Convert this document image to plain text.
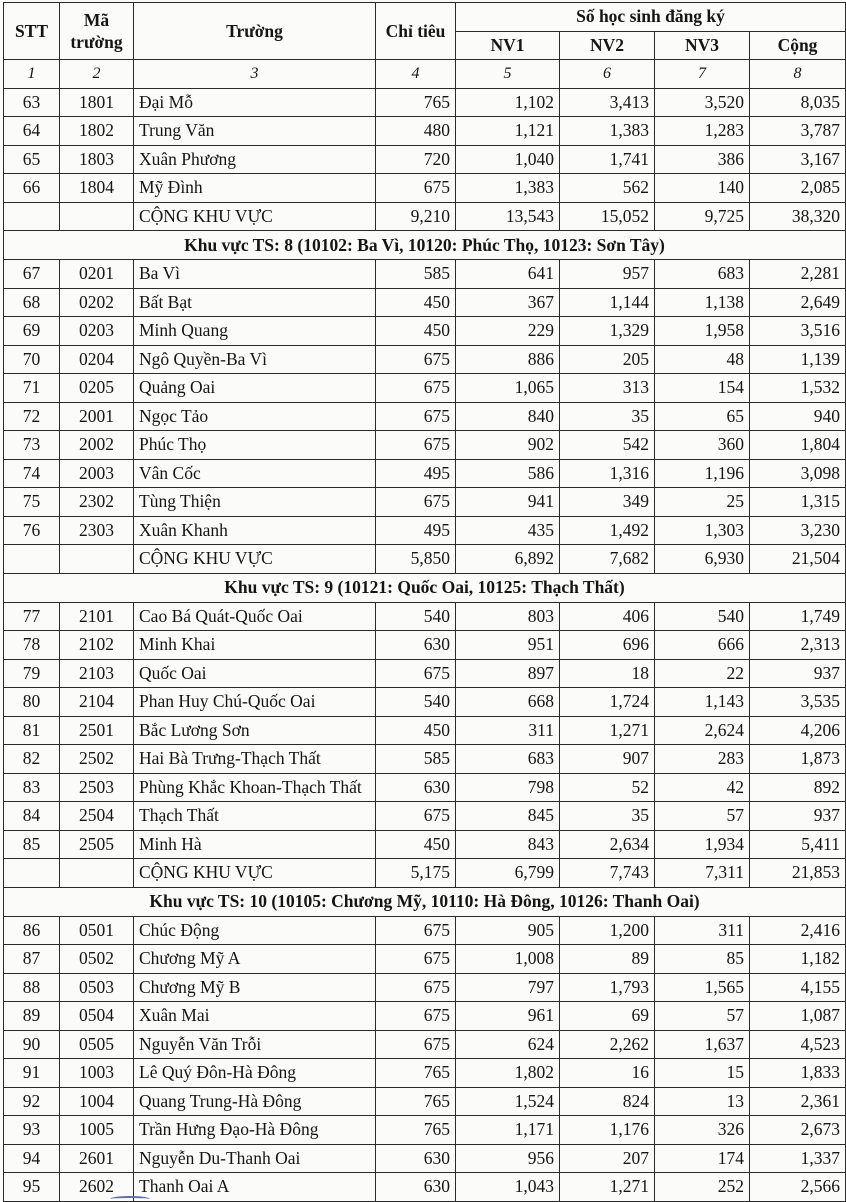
STT	Mã trường	Trường	Chỉ tiêu	Số học sinh đăng ký			
				NV1	NV2	NV3	Cộng
1	2	3	4	5	6	7	8
63	1801	Đại Mỗ	765	1,102	3,413	3,520	8,035
64	1802	Trung Văn	480	1,121	1,383	1,283	3,787
65	1803	Xuân Phương	720	1,040	1,741	386	3,167
66	1804	Mỹ Đình	675	1,383	562	140	2,085
		CỘNG KHU VỰC	9,210	13,543	15,052	9,725	38,320
Khu vực TS: 8 (10102: Ba Vì, 10120: Phúc Thọ, 10123: Sơn Tây)							
67	0201	Ba Vì	585	641	957	683	2,281
68	0202	Bất Bạt	450	367	1,144	1,138	2,649
69	0203	Minh Quang	450	229	1,329	1,958	3,516
70	0204	Ngô Quyền-Ba Vì	675	886	205	48	1,139
71	0205	Quảng Oai	675	1,065	313	154	1,532
72	2001	Ngọc Tảo	675	840	35	65	940
73	2002	Phúc Thọ	675	902	542	360	1,804
74	2003	Vân Cốc	495	586	1,316	1,196	3,098
75	2302	Tùng Thiện	675	941	349	25	1,315
76	2303	Xuân Khanh	495	435	1,492	1,303	3,230
		CỘNG KHU VỰC	5,850	6,892	7,682	6,930	21,504
Khu vực TS: 9 (10121: Quốc Oai, 10125: Thạch Thất)							
77	2101	Cao Bá Quát-Quốc Oai	540	803	406	540	1,749
78	2102	Minh Khai	630	951	696	666	2,313
79	2103	Quốc Oai	675	897	18	22	937
80	2104	Phan Huy Chú-Quốc Oai	540	668	1,724	1,143	3,535
81	2501	Bắc Lương Sơn	450	311	1,271	2,624	4,206
82	2502	Hai Bà Trưng-Thạch Thất	585	683	907	283	1,873
83	2503	Phùng Khắc Khoan-Thạch Thất	630	798	52	42	892
84	2504	Thạch Thất	675	845	35	57	937
85	2505	Minh Hà	450	843	2,634	1,934	5,411
		CỘNG KHU VỰC	5,175	6,799	7,743	7,311	21,853
Khu vực TS: 10 (10105: Chương Mỹ, 10110: Hà Đông, 10126: Thanh Oai)							
86	0501	Chúc Động	675	905	1,200	311	2,416
87	0502	Chương Mỹ A	675	1,008	89	85	1,182
88	0503	Chương Mỹ B	675	797	1,793	1,565	4,155
89	0504	Xuân Mai	675	961	69	57	1,087
90	0505	Nguyễn Văn Trỗi	675	624	2,262	1,637	4,523
91	1003	Lê Quý Đôn-Hà Đông	765	1,802	16	15	1,833
92	1004	Quang Trung-Hà Đông	765	1,524	824	13	2,361
93	1005	Trần Hưng Đạo-Hà Đông	765	1,171	1,176	326	2,673
94	2601	Nguyễn Du-Thanh Oai	630	956	207	174	1,337
95	2602	Thanh Oai A	630	1,043	1,271	252	2,566
